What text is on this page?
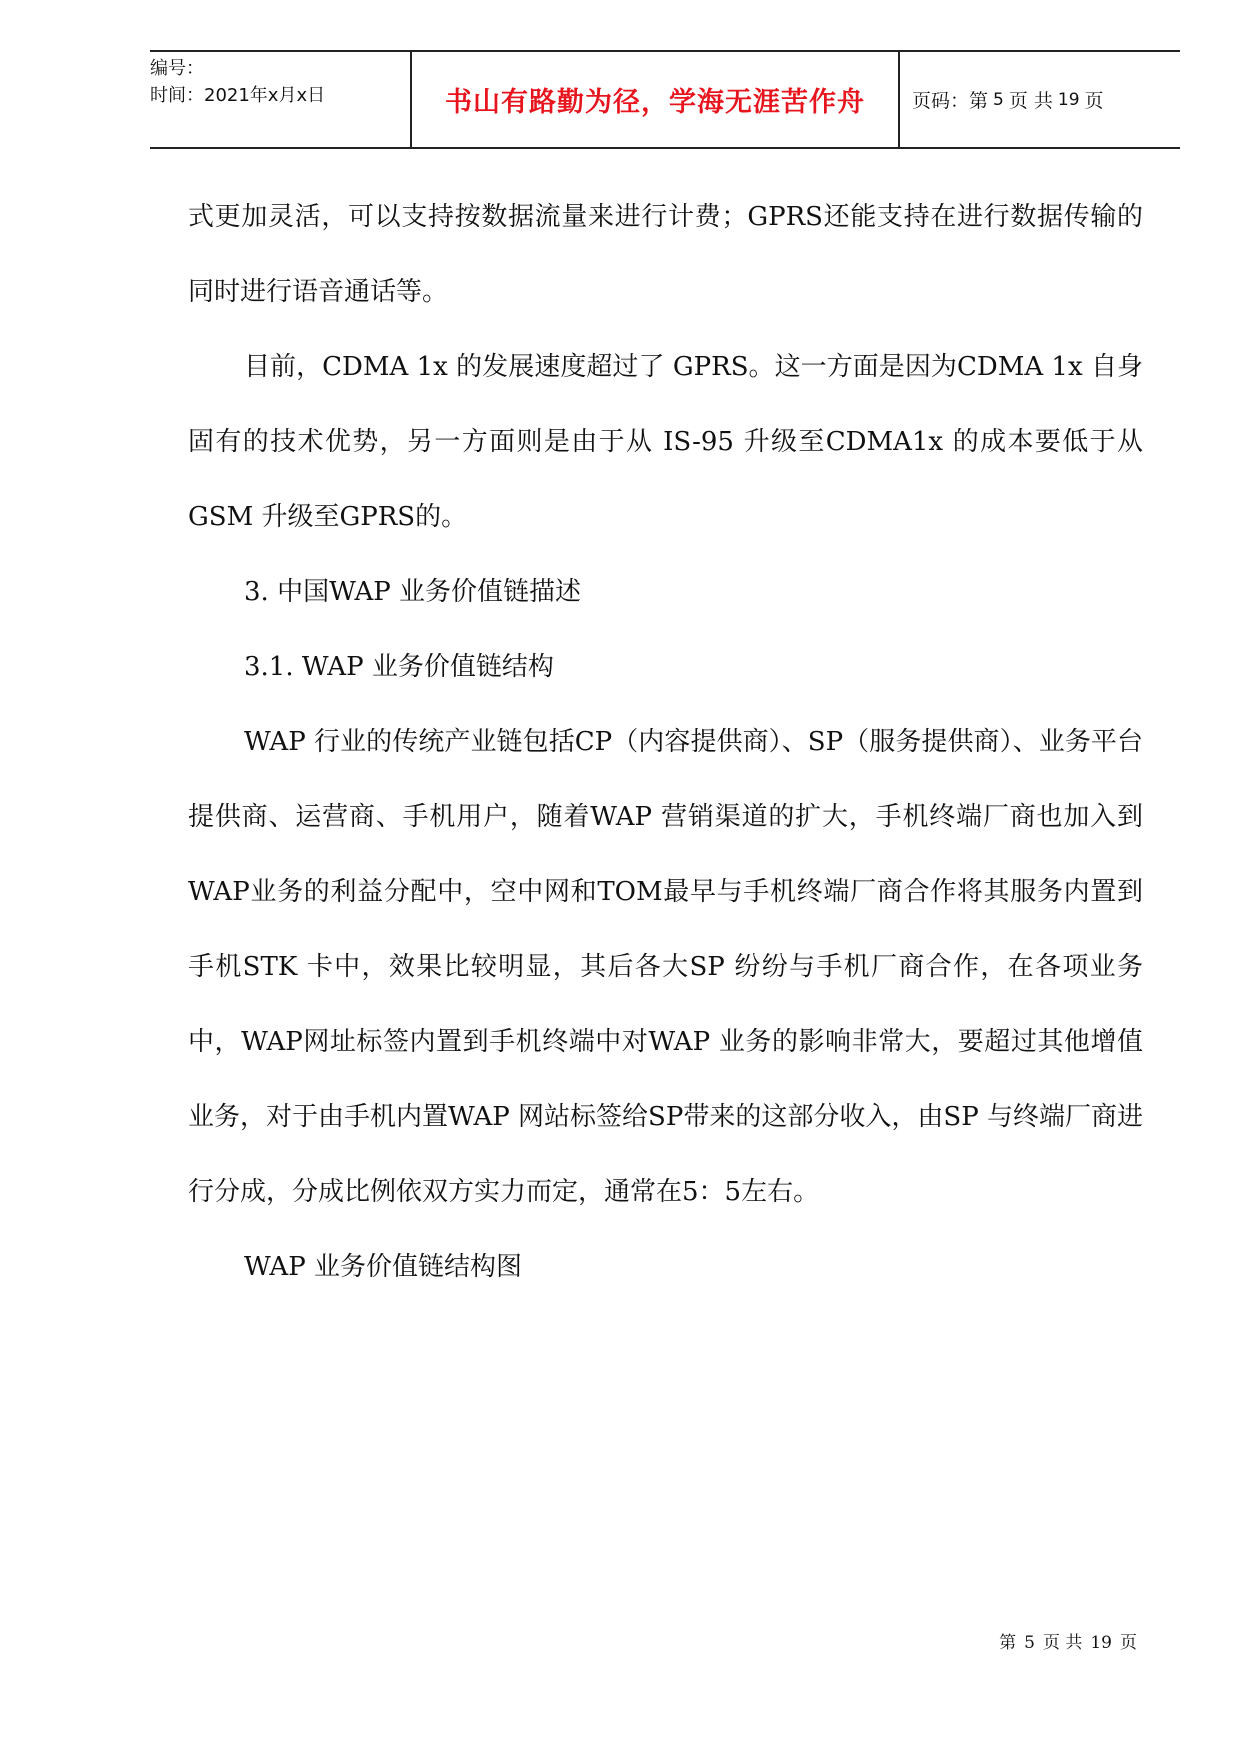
编号：
时间：2021年x月x日	书山有路勤为径，学海无涯苦作舟	页码：第 5 页 共 19 页

式更加灵活，可以支持按数据流量来进行计费；GPRS还能支持在进行数据传输的同时进行语音通话等。

目前，CDMA 1x 的发展速度超过了 GPRS。这一方面是因为CDMA 1x 自身固有的技术优势，另一方面则是由于从 IS-95 升级至CDMA1x 的成本要低于从GSM 升级至GPRS的。

3. 中国WAP 业务价值链描述

3.1. WAP 业务价值链结构

WAP 行业的传统产业链包括CP（内容提供商）、SP（服务提供商）、业务平台提供商、运营商、手机用户，随着WAP 营销渠道的扩大，手机终端厂商也加入到WAP业务的利益分配中，空中网和TOM最早与手机终端厂商合作将其服务内置到手机STK 卡中，效果比较明显，其后各大SP 纷纷与手机厂商合作，在各项业务中，WAP网址标签内置到手机终端中对WAP 业务的影响非常大，要超过其他增值业务，对于由手机内置WAP 网站标签给SP带来的这部分收入，由SP 与终端厂商进行分成，分成比例依双方实力而定，通常在5：5左右。

WAP 业务价值链结构图

第 5 页 共 19 页
